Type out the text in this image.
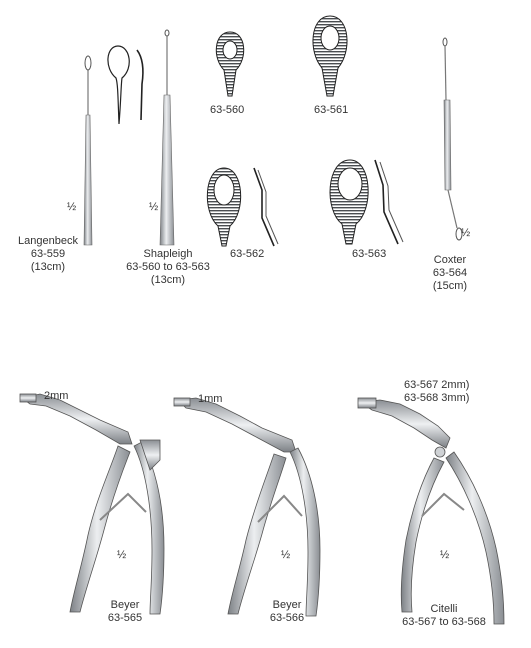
½
Langenbeck
63-559
(13cm)
½
Shapleigh
63-560 to 63-563
(13cm)
63-560	63-561
63-562	63-563
½
Coxter
63-564
(15cm)
2mm
½
Beyer
63-565
1mm
½
Beyer
63-566
63-567 2mm)
63-568 3mm)
½
Citelli
63-567 to 63-568
